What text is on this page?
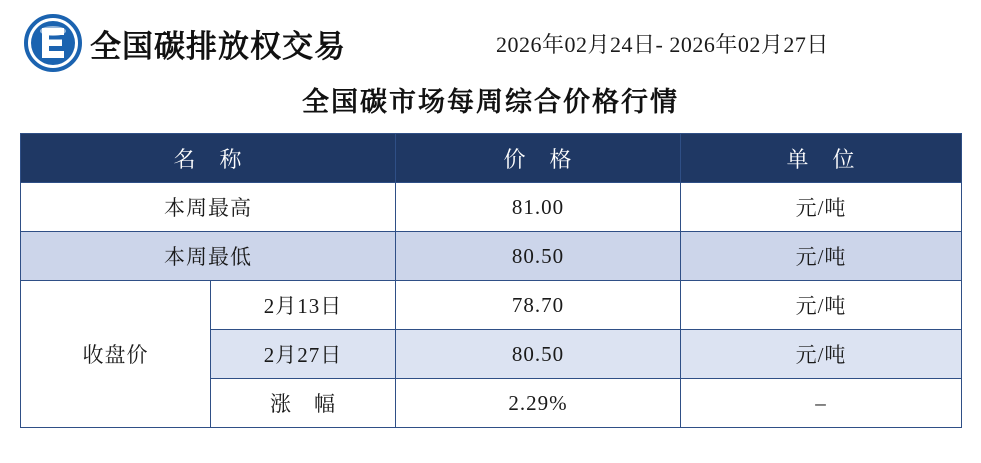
全国碳排放权交易	2026年02月24日- 2026年02月27日
全国碳市场每周综合价格行情
名　称		价　格	单　位
本周最高		81.00	元/吨
本周最低		80.50	元/吨
收盘价	2月13日	78.70	元/吨
	2月27日	80.50	元/吨
	涨　幅	2.29%	–
